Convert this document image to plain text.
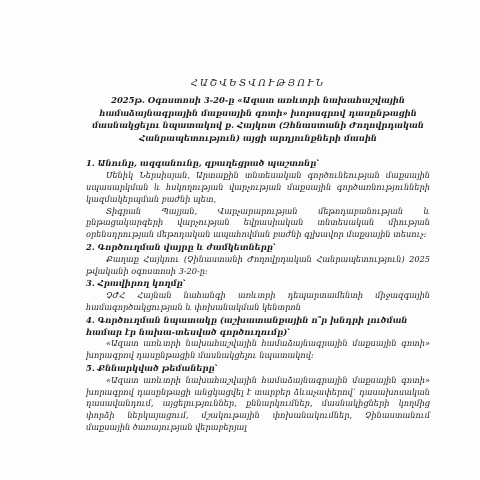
ՀԱՇՎԵՏՎՈՒԹՅՈՒՆ

2025թ. Օգոստոսի 3-20-ը «Ազատ առևտրի նախահաշվային համաձայնագրային մաքսային գոտի» խորագրով դասընթացին մասնակցելու նպատակով ք. Հայկոտ (Զհնաստանի Ժողովրդական Հանրապետություն) այցի արդյունքների մասին

1. Անունը, ազգանունը, զբաղեցրած պաշտոնը՝

Սենիկ Ներսիսյան, Արտաքին տնտեսական գործունեության մաքսային սպասարկման և հսկողության վարչության մաքսային գործառնությունների կազմակերպման բաժնի պետ,

Տիգրան Պայյան, Վարչարարության մեթոդաբանության և ընթացակարգերի վարչության եվրասիական տնտեսական միության օրենսդրության մեթոդական ապահովման բաժնի գլխավոր մաքսային տեսուչ:

2. Գործուղման վայրը և ժամկետները՝

Քաղաք Հայկոու (Չինաստանի Ժողովրդական Հանրապետություն) 2025 թվականի օգոստոսի 3-20-ը:

3. Հրավիրող կողմը՝

ՉԺՀ Հայնան նահանգի առևտրի դեպարտամենտի միջազգային համագործակցության և փոխանակման կենտրոն

4. Գործուղման նպատակը (աշխատանքային ո՞ր խնդրի լուծման համար էր նախա-տեսված գործուղումը)՝

«Ազատ առևտրի նախահաշվային համաձայնագրային մաքսային գոտի» խորագրով դասընթացին մասնակցելու նպատակով:

5. Քննարկված թեմաները՝

«Ազատ առևտրի նախահաշվային համաձայնագրային մաքսային գոտի» խորագրով դասընթացի անցկացվել է տարբեր ձևաչափերով՝ դասախոսական դասավանդում, այցելություններ, քննարկումներ, մասնակիցների կողմից փորձի ներկայացում, մշակութային փոխանակումներ, Չինաստանում մաքսային ծառայության վերաբերյալ
